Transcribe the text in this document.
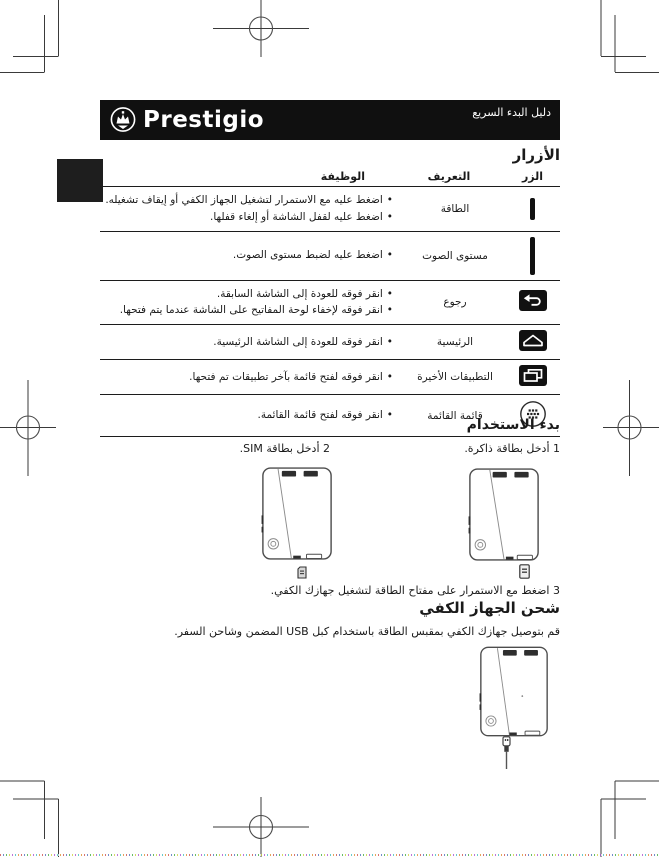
Prestigio	دليل البدء السريع
الأزرار
الزر	التعريف	الوظيفة
	الطاقة	•اضغط عليه مع الاستمرار لتشغيل الجهاز الكفي أو إيقاف تشغيله.
•اضغط عليه لقفل الشاشة أو إلغاء قفلها.

	مستوى الصوت	•اضغط عليه لضبط مستوى الصوت.

	رجوع	•انقر فوقه للعودة إلى الشاشة السابقة.
•انقر فوقه لإخفاء لوحة المفاتيح على الشاشة عندما يتم فتحها.

	الرئيسية	•انقر فوقه للعودة إلى الشاشة الرئيسية.

	التطبيقات الأخيرة	•انقر فوقه لفتح قائمة بآخر تطبيقات تم فتحها.

	قائمة القائمة	•انقر فوقه لفتح قائمة القائمة.
بدء الاستخدام
1 أدخل بطاقة ذاكرة.
2 أدخل بطاقة SIM.
3 اضغط مع الاستمرار على مفتاح الطاقة لتشغيل جهازك الكفي.
شحن الجهاز الكفي
قم بتوصيل جهازك الكفي بمقبس الطاقة باستخدام كبل USB المضمن وشاحن السفر.
